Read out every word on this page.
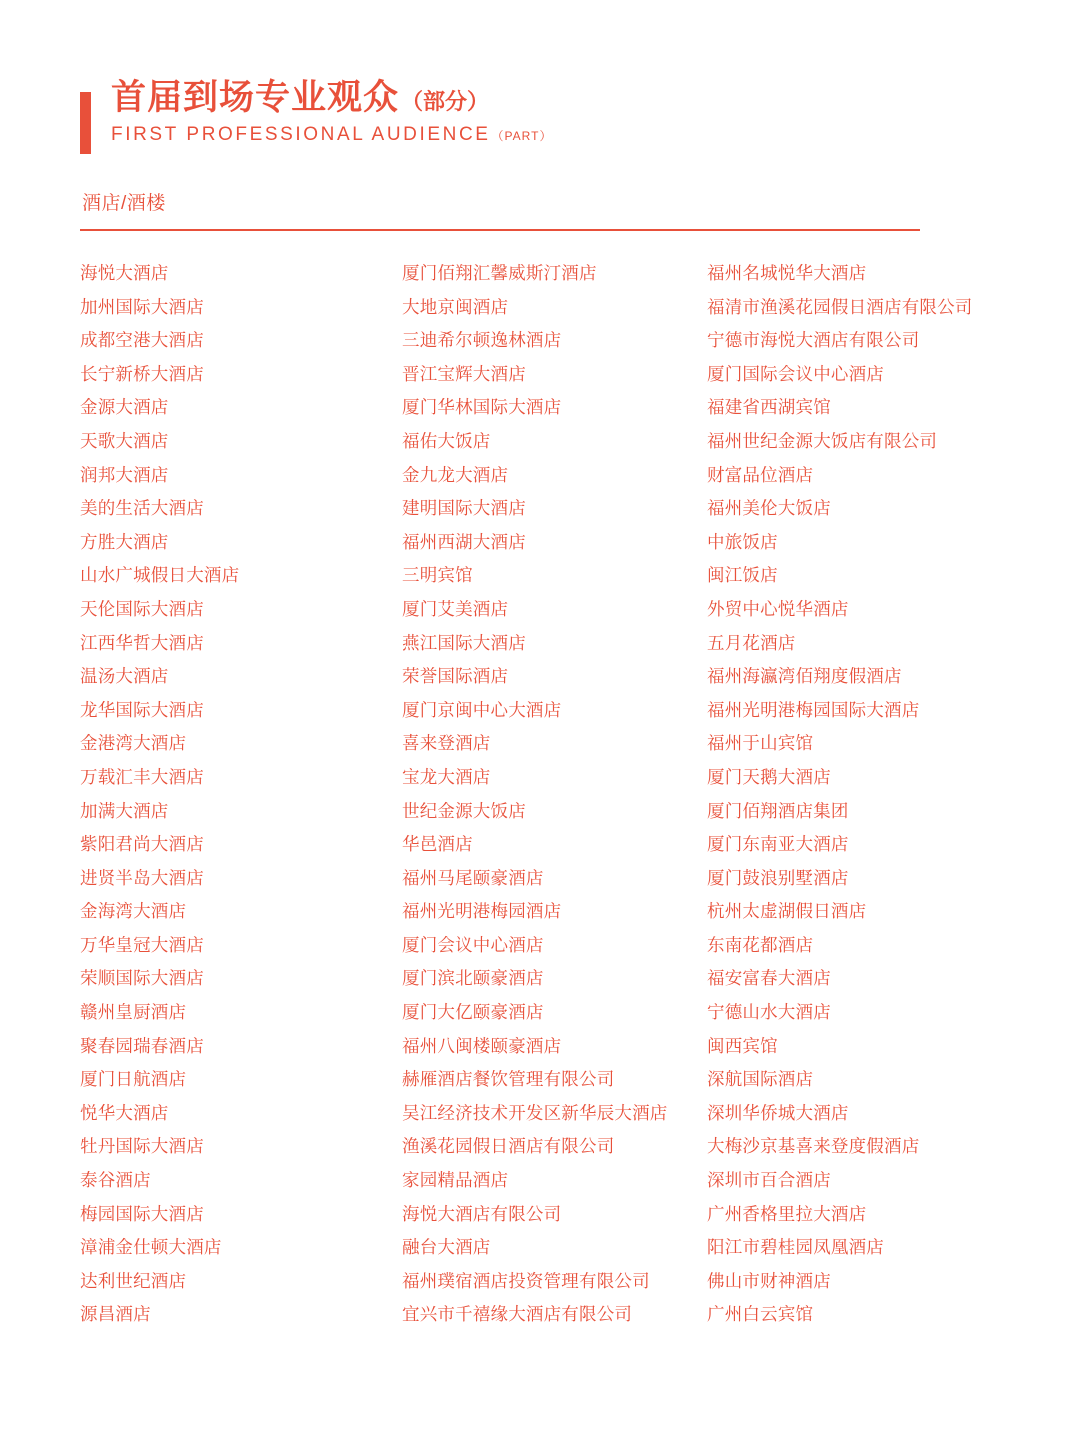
首届到场专业观众 （部分）
FIRST PROFESSIONAL AUDIENCE （PART）
酒店/酒楼
海悦大酒店
加州国际大酒店
成都空港大酒店
长宁新桥大酒店
金源大酒店
天歌大酒店
润邦大酒店
美的生活大酒店
方胜大酒店
山水广城假日大酒店
天伦国际大酒店
江西华哲大酒店
温汤大酒店
龙华国际大酒店
金港湾大酒店
万载汇丰大酒店
加满大酒店
紫阳君尚大酒店
进贤半岛大酒店
金海湾大酒店
万华皇冠大酒店
荣顺国际大酒店
赣州皇厨酒店
聚春园瑞春酒店
厦门日航酒店
悦华大酒店
牡丹国际大酒店
泰谷酒店
梅园国际大酒店
漳浦金仕顿大酒店
达利世纪酒店
源昌酒店
厦门佰翔汇馨威斯汀酒店
大地京闽酒店
三迪希尔顿逸林酒店
晋江宝辉大酒店
厦门华林国际大酒店
福佑大饭店
金九龙大酒店
建明国际大酒店
福州西湖大酒店
三明宾馆
厦门艾美酒店
燕江国际大酒店
荣誉国际酒店
厦门京闽中心大酒店
喜来登酒店
宝龙大酒店
世纪金源大饭店
华邑酒店
福州马尾颐豪酒店
福州光明港梅园酒店
厦门会议中心酒店
厦门滨北颐豪酒店
厦门大亿颐豪酒店
福州八闽楼颐豪酒店
赫雁酒店餐饮管理有限公司
吴江经济技术开发区新华辰大酒店
渔溪花园假日酒店有限公司
家园精品酒店
海悦大酒店有限公司
融台大酒店
福州璞宿酒店投资管理有限公司
宜兴市千禧缘大酒店有限公司
福州名城悦华大酒店
福清市渔溪花园假日酒店有限公司
宁德市海悦大酒店有限公司
厦门国际会议中心酒店
福建省西湖宾馆
福州世纪金源大饭店有限公司
财富品位酒店
福州美伦大饭店
中旅饭店
闽江饭店
外贸中心悦华酒店
五月花酒店
福州海瀛湾佰翔度假酒店
福州光明港梅园国际大酒店
福州于山宾馆
厦门天鹅大酒店
厦门佰翔酒店集团
厦门东南亚大酒店
厦门鼓浪别墅酒店
杭州太虚湖假日酒店
东南花都酒店
福安富春大酒店
宁德山水大酒店
闽西宾馆
深航国际酒店
深圳华侨城大酒店
大梅沙京基喜来登度假酒店
深圳市百合酒店
广州香格里拉大酒店
阳江市碧桂园凤凰酒店
佛山市财神酒店
广州白云宾馆
